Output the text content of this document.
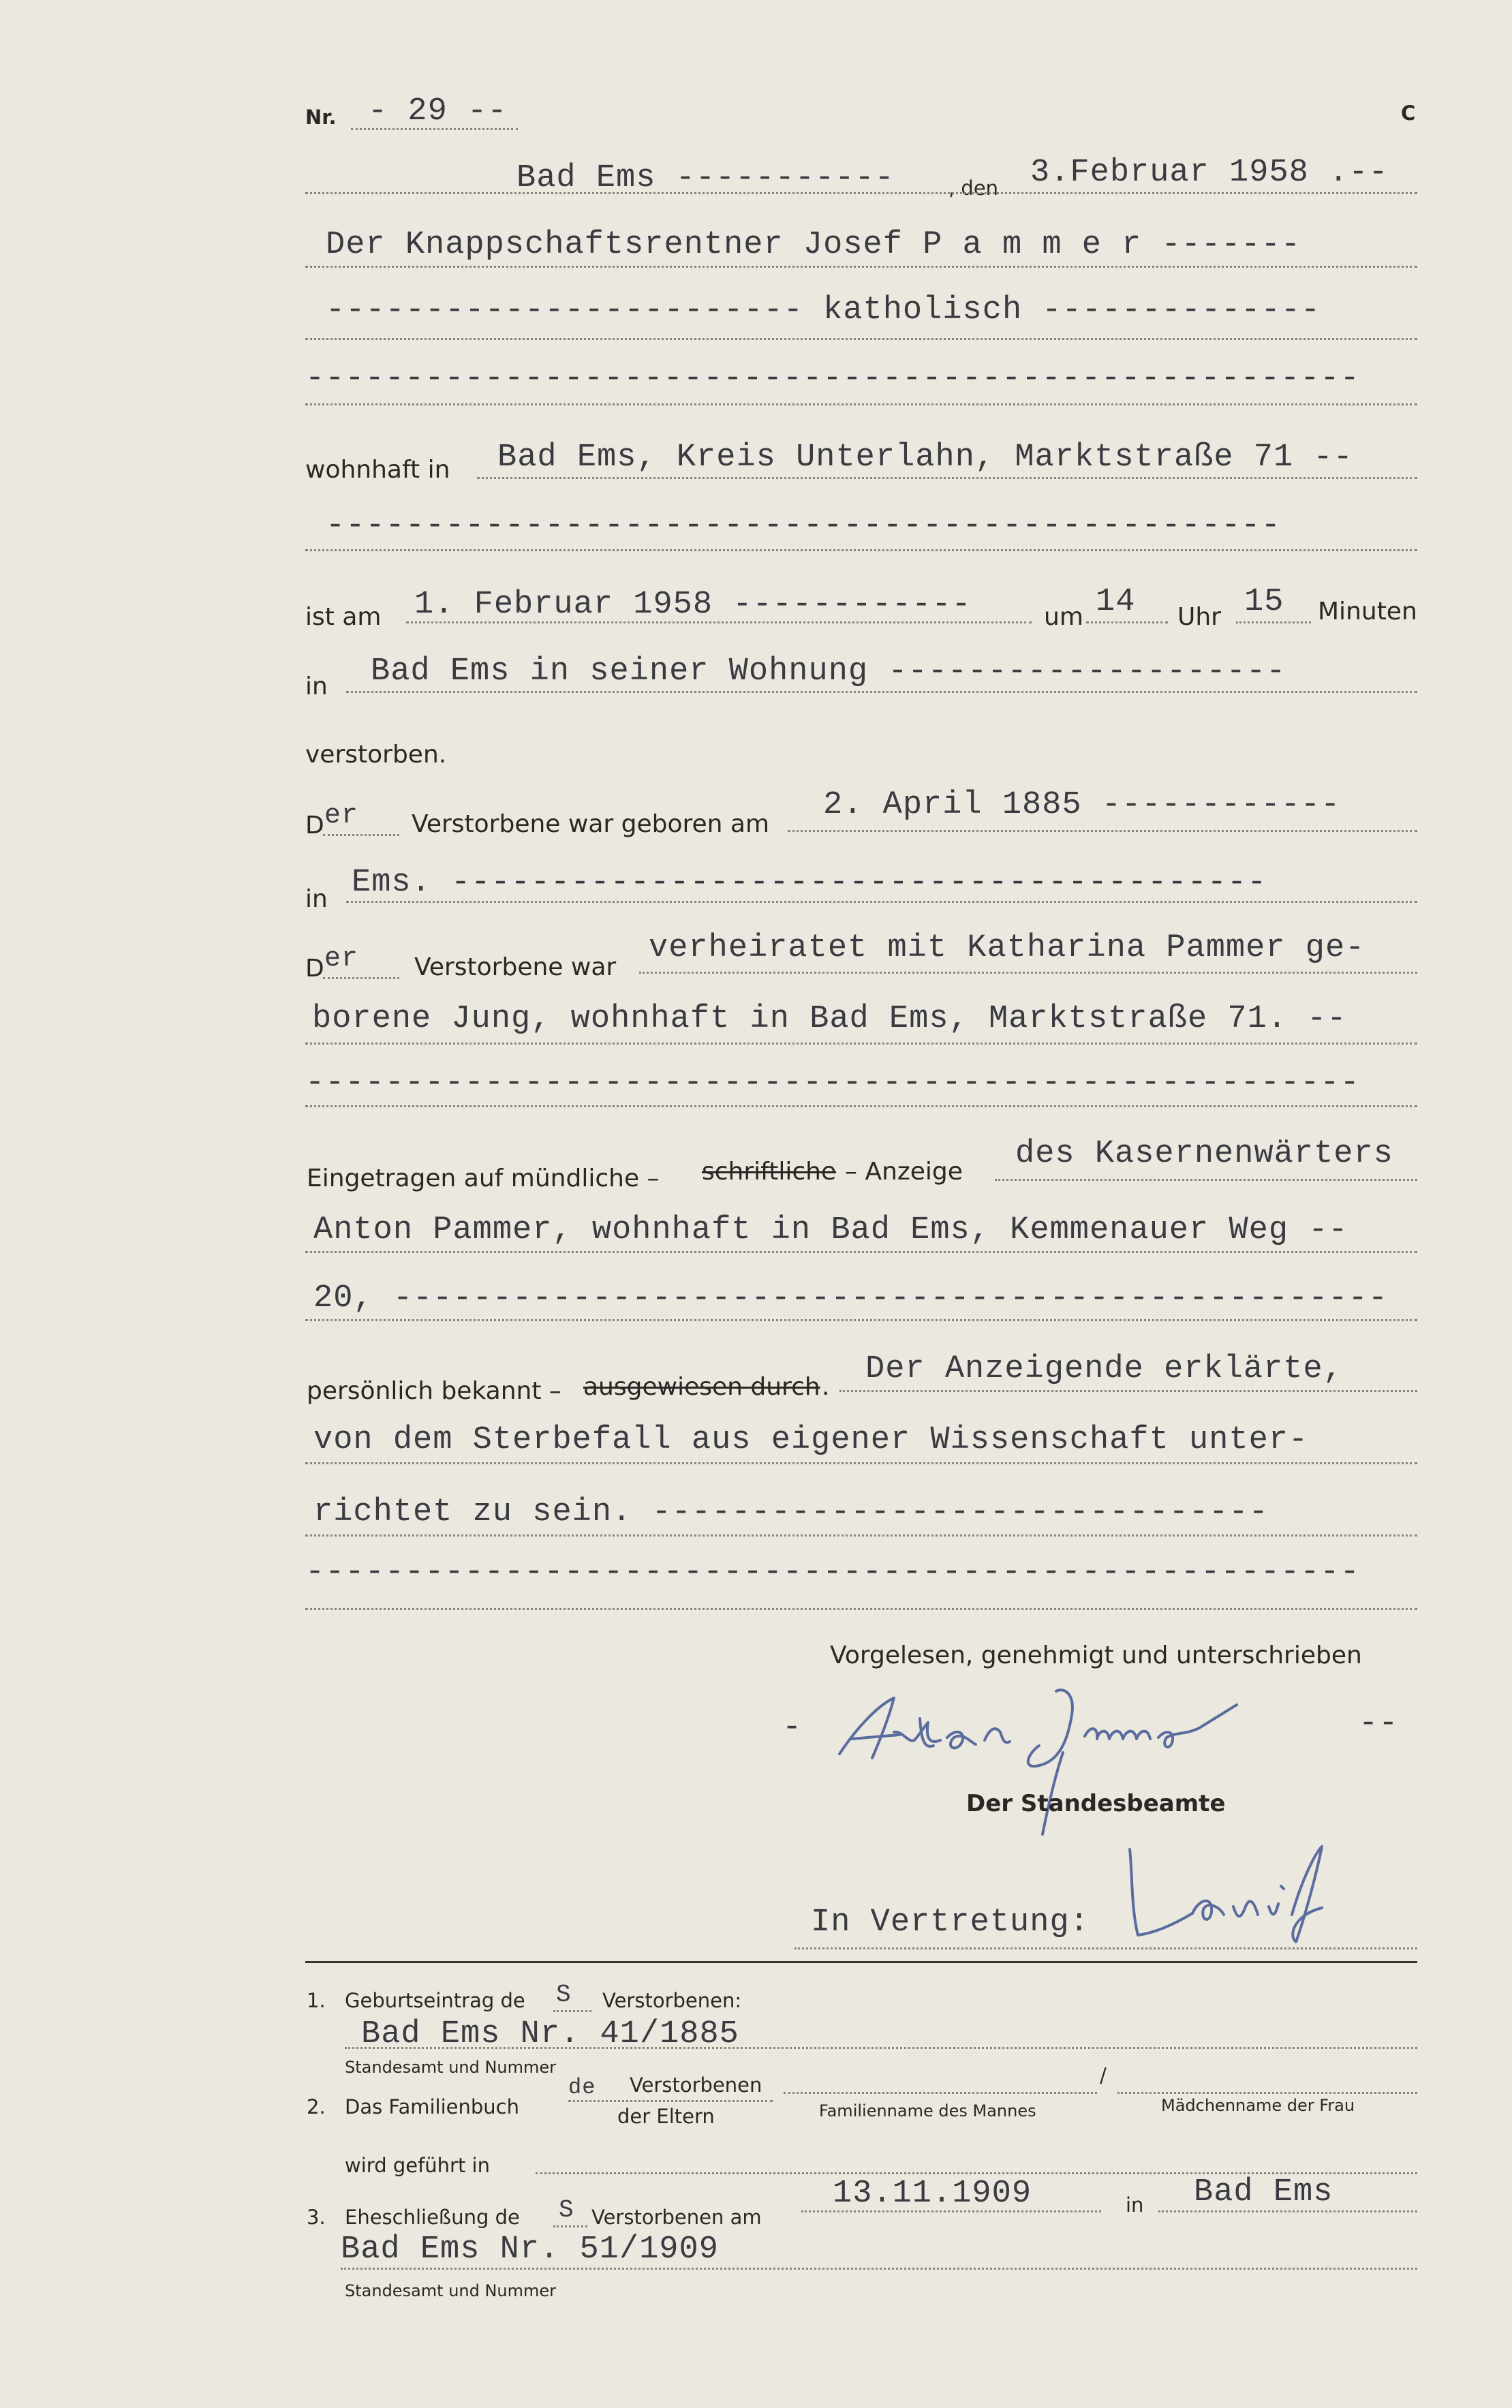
Nr. - 29 --	C
Bad Ems -----------	, den 3.Februar 1958 .--
Der Knappschaftsrentner Josef P a m m e r -------
------------------------ katholisch --------------
-----------------------------------------------------
wohnhaft in Bad Ems, Kreis Unterlahn, Marktstraße 71 --
------------------------------------------------
ist am 1. Februar 1958 ------------	um 14 Uhr 15 Minuten
in Bad Ems in seiner Wohnung --------------------
verstorben.
D er Verstorbene war geboren am
2. April 1885 ------------
in Ems. -----------------------------------------
D er Verstorbene war
verheiratet mit Katharina Pammer ge-
borene Jung, wohnhaft in Bad Ems, Marktstraße 71. --
-----------------------------------------------------
Eingetragen auf mündliche – schriftliche – Anzeige des Kasernenwärters
Anton Pammer, wohnhaft in Bad Ems, Kemmenauer Weg --
20, --------------------------------------------------
persönlich bekannt – ausgewiesen durch . Der Anzeigende erklärte,
von dem Sterbefall aus eigener Wissenschaft unter-
richtet zu sein. -------------------------------
-----------------------------------------------------
Vorgelesen, genehmigt und unterschrieben
-	--
Der Standesbeamte
In Vertretung:
1. Geburtseintrag de S Verstorbenen:
Bad Ems Nr. 41/1885
Standesamt und Nummer
2. Das Familienbuch
de Verstorbenen
der Eltern
/
Familienname des Mannes	Mädchenname der Frau
wird geführt in
3. Eheschließung de S Verstorbenen am
13.11.1909	in Bad Ems
Bad Ems Nr. 51/1909
Standesamt und Nummer
